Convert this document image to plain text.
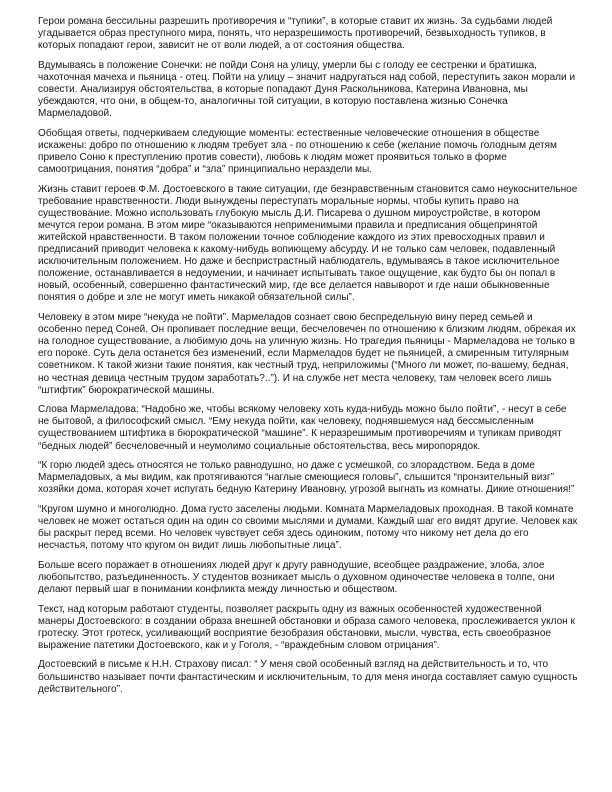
Герои романа бессильны разрешить противоречия и “тупики”, в которые ставит их жизнь. За судьбами людей угадывается образ преступного мира, понять, что неразрешимость противоречий, безвыходность тупиков, в которых попадают герои, зависит не от воли людей, а от состояния общества.

Вдумываясь в положение Сонечки: не пойди Соня на улицу, умерли бы с голоду ее сестренки и братишка, чахоточная мачеха и пьяница - отец. Пойти на улицу – значит надругаться над собой, переступить закон морали и совести. Анализируя обстоятельства, в которые попадают Дуня Раскольникова, Катерина Ивановна, мы убеждаются, что они, в общем-то, аналогичны той ситуации, в которую поставлена жизнью Сонечка Мармеладовой.

Обобщая ответы, подчеркиваем следующие моменты: естественные человеческие отношения в обществе искажены: добро по отношению к людям требует зла - по отношению к себе (желание помочь голодным детям привело Соню к преступлению против совести), любовь к людям может проявиться только в форме самоотрицания, понятия “добра” и “зла” принципиально нераздели мы.

Жизнь ставит героев Ф.М. Достоевского в такие ситуации, где безнравственным становится само неукоснительное требование нравственности. Люди вынуждены переступать моральные нормы, чтобы купить право на существование. Можно использовать глубокую мысль Д.И. Писарева о душном мироустройстве, в котором мечутся герои романа. В этом мире “оказываются неприменимыми правила и предписания общепринятой житейской нравственности. В таком положении точное соблюдение каждого из этих превосходных правил и предписаний приводит человека к какому-нибудь вопиющему абсурду. И не только сам человек, подавленный исключительным положением. Но даже и беспристрастный наблюдатель, вдумываясь в такое исключительное положение, останавливается в недоумении, и начинает испытывать такое ощущение, как будто бы он попал в новый, особенный, совершенно фантастический мир, где все делается навыворот и где наши обыкновенные понятия о добре и зле не могут иметь никакой обязательной силы”.

Человеку в этом мире “некуда не пойти”. Мармеладов сознает свою беспредельную вину перед семьей и особенно перед Соней. Он пропивает последние вещи, бесчеловечен по отношению к близким людям, обрекая их на голодное существование, а любимую дочь на уличную жизнь. Но трагедия пьяницы - Мармеладова не только в его пороке. Суть дела останется без изменений, если Мармеладов будет не пьяницей, а смиренным титулярным советником. К такой жизни такие понятия, как честный труд, неприложимы (“Много ли может, по-вашему, бедная, но честная девица честным трудом заработать?..”). И на службе нет места человеку, там человек всего лишь “штифтик” бюрократической машины.

Слова Мармеладова: “Надобно же, чтобы всякому человеку хоть куда-нибудь можно было пойти”, - несут в себе не бытовой, а философский смысл. “Ему некуда пойти, как человеку, поднявшемуся над бессмысленным существованием штифтика в бюрократической “машине”. К неразрешимым противоречиям и тупикам приводят “бедных людей” бесчеловечный и неумолимо социальные обстоятельства, весь миропорядок.

“К горю людей здесь относятся не только равнодушно, но даже с усмешкой, со злорадством. Беда в доме Мармеладовых, а мы видим, как протягиваются “наглые смеющиеся головы”, слышится “пронзительный визг” хозяйки дома, которая хочет испугать бедную Катерину Ивановну, угрозой выгнать из комнаты. Дикие отношения!”

“Кругом шумно и многолюдно. Дома густо заселены людьми. Комната Мармеладовых проходная. В такой комнате человек не может остаться один на один со своими мыслями и думами. Каждый шаг его видят другие. Человек как бы раскрыт перед всеми. Но человек чувствует себя здесь одиноким, потому что никому нет дела до его несчастья, потому что кругом он видит лишь любопытные лица”.

Больше всего поражает в отношениях людей друг к другу равнодушие, всеобщее раздражение, злоба, злое любопытство, разъединенность. У студентов возникает мысль о духовном одиночестве человека в толпе, они делают первый шаг в понимании конфликта между личностью и обществом.

Текст, над которым работают студенты, позволяет раскрыть одну из важных особенностей художественной манеры Достоевского: в создании образа внешней обстановки и образа самого человека, прослеживается уклон к гротеску. Этот гротеск, усиливающий восприятие безобразия обстановки, мысли, чувства, есть своеобразное выражение патетики Достоевского, как и у Гоголя, - “враждебным словом отрицания”.

Достоевский в письме к Н.Н. Страхову писал: “ У меня свой особенный взгляд на действительность и то, что большинство называет почти фантастическим и исключительным, то для меня иногда составляет самую сущность действительного”.
